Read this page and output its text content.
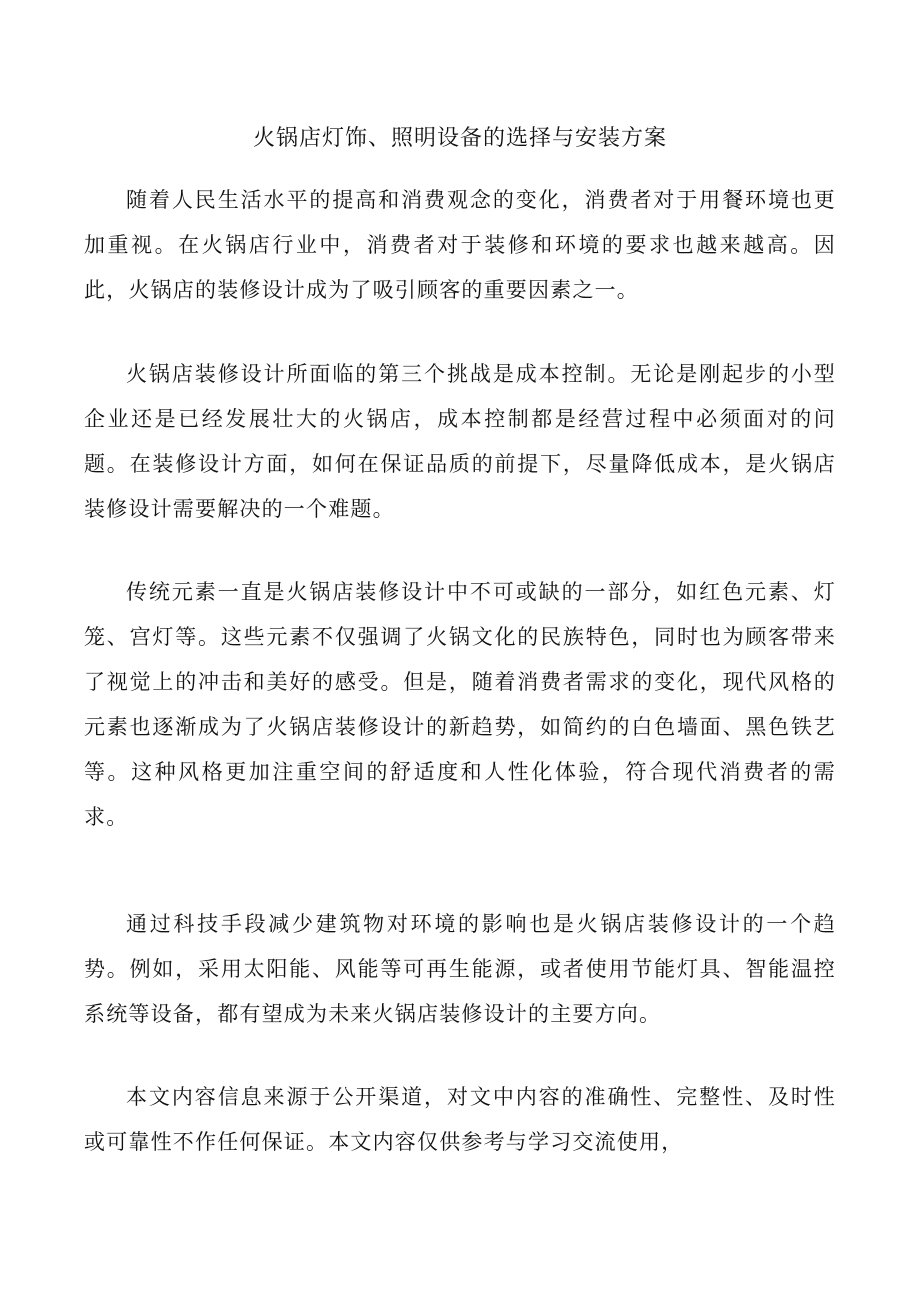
火锅店灯饰、照明设备的选择与安装方案

随着人民生活水平的提高和消费观念的变化，消费者对于用餐环境也更加重视。在火锅店行业中，消费者对于装修和环境的要求也越来越高。因此，火锅店的装修设计成为了吸引顾客的重要因素之一。

火锅店装修设计所面临的第三个挑战是成本控制。无论是刚起步的小型企业还是已经发展壮大的火锅店，成本控制都是经营过程中必须面对的问题。在装修设计方面，如何在保证品质的前提下，尽量降低成本，是火锅店装修设计需要解决的一个难题。

传统元素一直是火锅店装修设计中不可或缺的一部分，如红色元素、灯笼、宫灯等。这些元素不仅强调了火锅文化的民族特色，同时也为顾客带来了视觉上的冲击和美好的感受。但是，随着消费者需求的变化，现代风格的元素也逐渐成为了火锅店装修设计的新趋势，如简约的白色墙面、黑色铁艺等。这种风格更加注重空间的舒适度和人性化体验，符合现代消费者的需求。

通过科技手段减少建筑物对环境的影响也是火锅店装修设计的一个趋势。例如，采用太阳能、风能等可再生能源，或者使用节能灯具、智能温控系统等设备，都有望成为未来火锅店装修设计的主要方向。

本文内容信息来源于公开渠道，对文中内容的准确性、完整性、及时性或可靠性不作任何保证。本文内容仅供参考与学习交流使用，
